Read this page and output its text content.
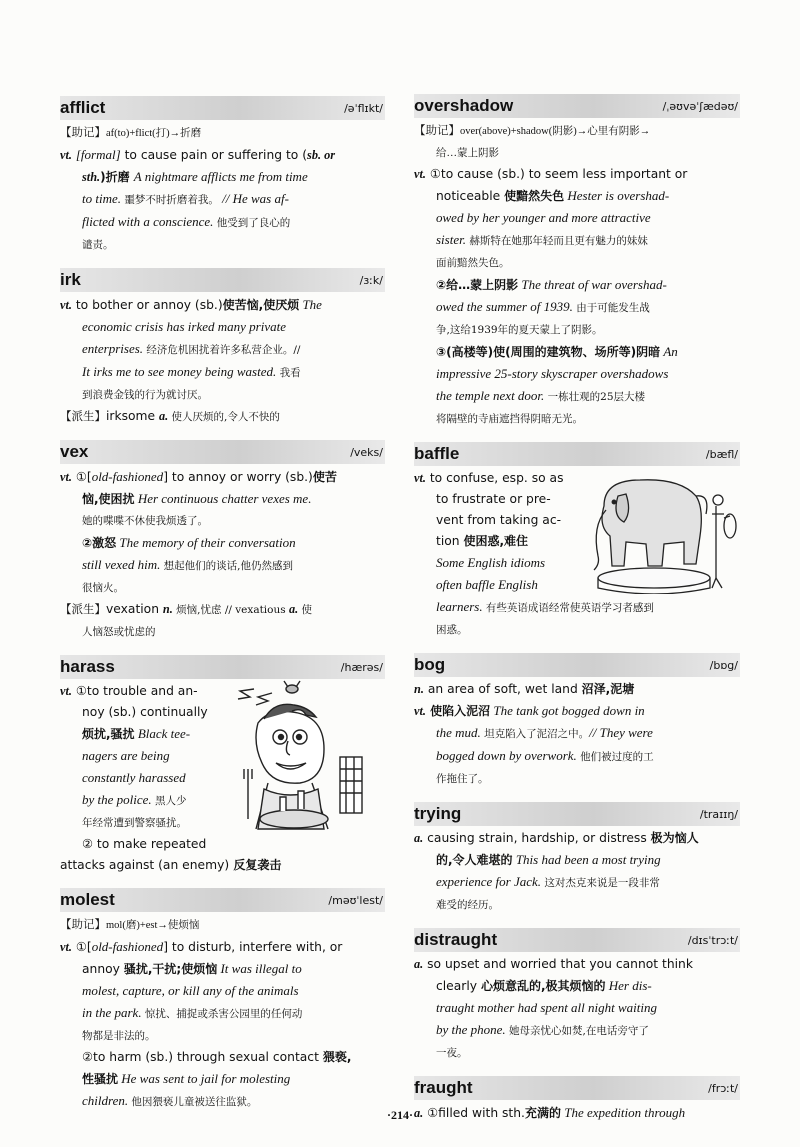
afflict	/əˈflɪkt/

【助记】af(to)+flict(打)→折磨

vt. [formal] to cause pain or suffering to (sb. or

sth.)折磨 A nightmare afflicts me from time

to time. 噩梦不时折磨着我。 // He was af-

flicted with a conscience. 他受到了良心的

谴责。

irk	/ɜːk/

vt. to bother or annoy (sb.)使苦恼,使厌烦 The

economic crisis has irked many private

enterprises. 经济危机困扰着许多私营企业。//

It irks me to see money being wasted. 我看

到浪费金钱的行为就讨厌。

【派生】irksome a. 使人厌烦的,令人不快的

vex	/veks/

vt. ①[old-fashioned] to annoy or worry (sb.)使苦

恼,使困扰 Her continuous chatter vexes me.

她的喋喋不休使我烦透了。

②激怒 The memory of their conversation

still vexed him. 想起他们的谈话,他仍然感到

很恼火。

【派生】vexation n. 烦恼,忧虑 // vexatious a. 使

人恼怒或忧虑的

harass	/hærəs/

vt. ①to trouble and an-

noy (sb.) continually

烦扰,骚扰 Black tee-

nagers are being

constantly harassed

by the police. 黑人少

年经常遭到警察骚扰。

② to make repeated

attacks against (an enemy) 反复袭击

molest	/məʊˈlest/

【助记】mol(磨)+est→使烦恼

vt. ①[old-fashioned] to disturb, interfere with, or

annoy 骚扰,干扰;使烦恼 It was illegal to

molest, capture, or kill any of the animals

in the park. 惊扰、捕捉或杀害公园里的任何动

物都是非法的。

②to harm (sb.) through sexual contact 猥亵,

性骚扰 He was sent to jail for molesting

children. 他因猥亵儿童被送往监狱。

overshadow	/ˌəʊvəˈʃædəʊ/

【助记】over(above)+shadow(阴影)→心里有阴影→

给…蒙上阴影

vt. ①to cause (sb.) to seem less important or

noticeable 使黯然失色 Hester is overshad-

owed by her younger and more attractive

sister. 赫斯特在她那年轻而且更有魅力的妹妹

面前黯然失色。

②给…蒙上阴影 The threat of war overshad-

owed the summer of 1939. 由于可能发生战

争,这给1939年的夏天蒙上了阴影。

③(高楼等)使(周围的建筑物、场所等)阴暗 An

impressive 25-story skyscraper overshadows

the temple next door. 一栋壮观的25层大楼

将隔壁的寺庙遮挡得阴暗无光。

baffle	/bæfl/

vt. to confuse, esp. so as

to frustrate or pre-

vent from taking ac-

tion 使困惑,难住

Some English idioms

often baffle English

learners. 有些英语成语经常使英语学习者感到

困惑。

bog	/bɒg/

n. an area of soft, wet land 沼泽,泥塘

vt. 使陷入泥沼 The tank got bogged down in

the mud. 坦克陷入了泥沼之中。// They were

bogged down by overwork. 他们被过度的工

作拖住了。

trying	/traɪɪŋ/

a. causing strain, hardship, or distress 极为恼人

的,令人难堪的 This had been a most trying

experience for Jack. 这对杰克来说是一段非常

难受的经历。

distraught	/dɪsˈtrɔːt/

a. so upset and worried that you cannot think

clearly 心烦意乱的,极其烦恼的 Her dis-

traught mother had spent all night waiting

by the phone. 她母亲忧心如焚,在电话旁守了

一夜。

fraught	/frɔːt/

a. ①filled with sth.充满的 The expedition through

·214·
